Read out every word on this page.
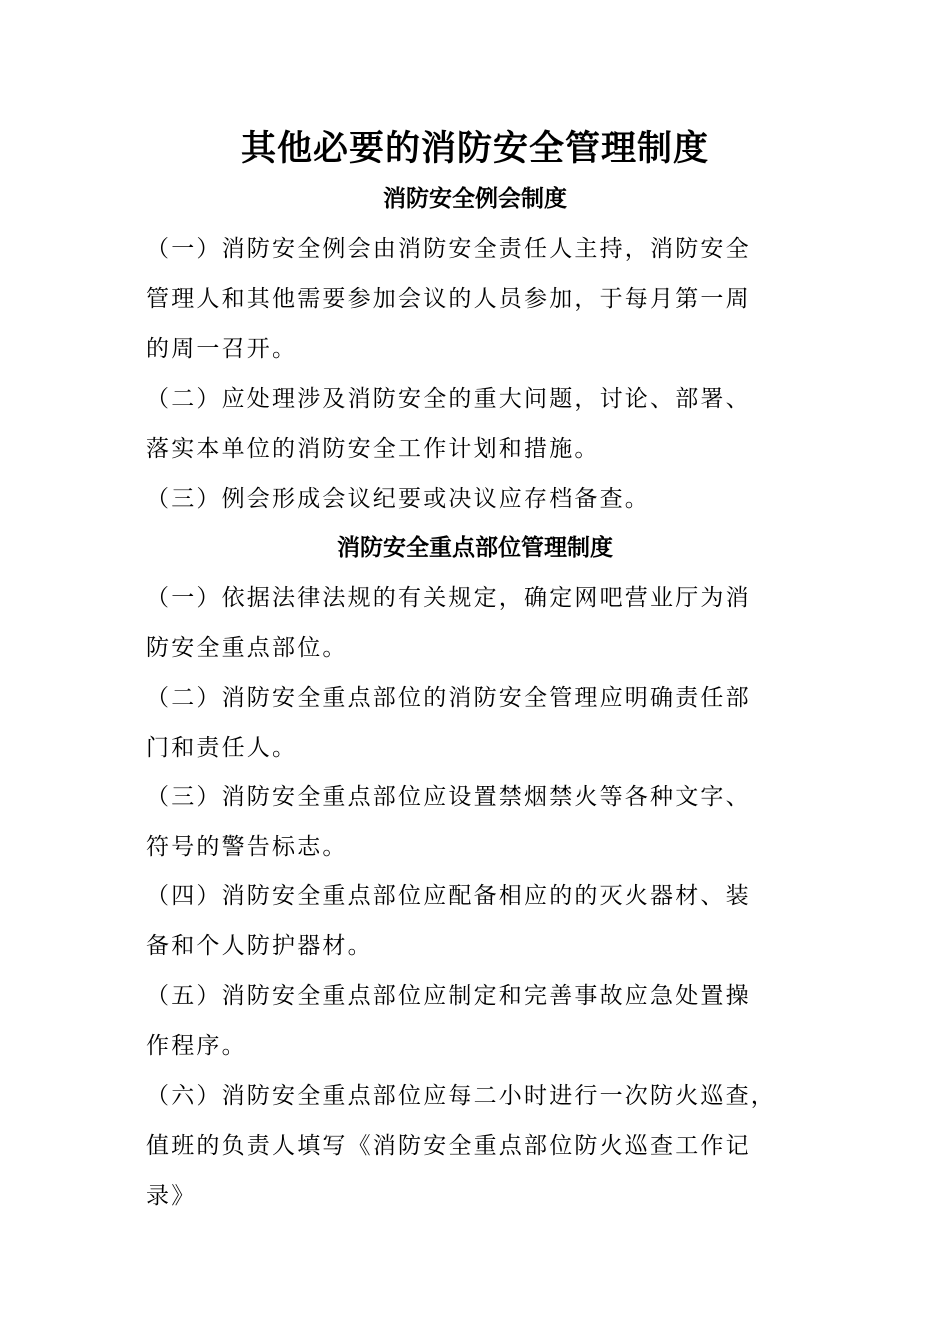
其他必要的消防安全管理制度
消防安全例会制度

（一）消防安全例会由消防安全责任人主持，消防安全
管理人和其他需要参加会议的人员参加，于每月第一周
的周一召开。

（二）应处理涉及消防安全的重大问题，讨论、部署、
落实本单位的消防安全工作计划和措施。

（三）例会形成会议纪要或决议应存档备查。

消防安全重点部位管理制度

（一）依据法律法规的有关规定，确定网吧营业厅为消
防安全重点部位。

（二）消防安全重点部位的消防安全管理应明确责任部
门和责任人。

（三）消防安全重点部位应设置禁烟禁火等各种文字、
符号的警告标志。

（四）消防安全重点部位应配备相应的的灭火器材、装
备和个人防护器材。

（五）消防安全重点部位应制定和完善事故应急处置操
作程序。

（六）消防安全重点部位应每二小时进行一次防火巡查，
值班的负责人填写《消防安全重点部位防火巡查工作记
录》
